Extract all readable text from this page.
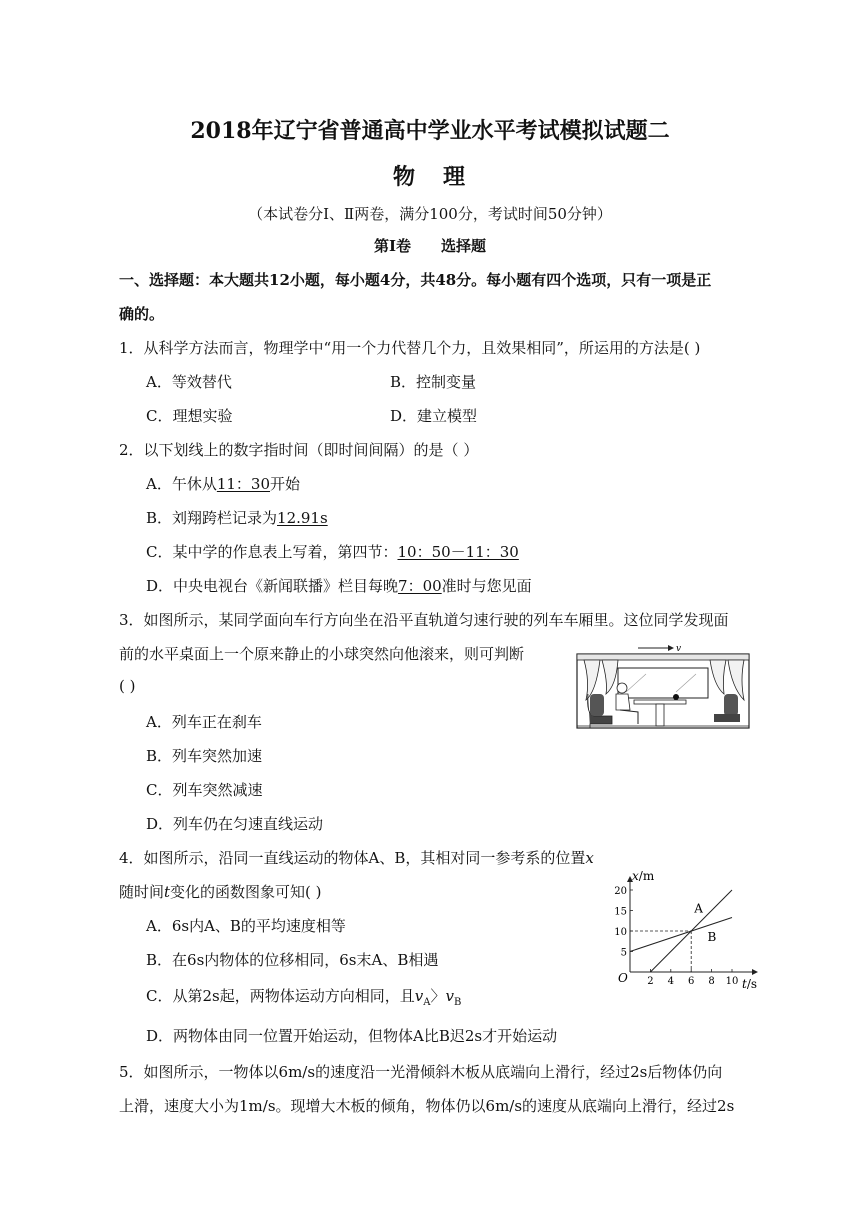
2018年辽宁省普通高中学业水平考试模拟试题二
物 理
（本试卷分Ⅰ、Ⅱ两卷，满分100分，考试时间50分钟）
第Ⅰ卷 选择题
一、选择题：本大题共12小题，每小题4分，共48分。每小题有四个选项，只有一项是正
确的。
1．从科学方法而言，物理学中“用一个力代替几个力，且效果相同”，所运用的方法是( )
A．等效替代	B．控制变量
C．理想实验	D．建立模型
2．以下划线上的数字指时间（即时间间隔）的是（ ）
A．午休从11：30开始
B．刘翔跨栏记录为12.91s
C．某中学的作息表上写着，第四节：10：50－11：30
D．中央电视台《新闻联播》栏目每晚7：00准时与您见面
3．如图所示，某同学面向车行方向坐在沿平直轨道匀速行驶的列车车厢里。这位同学发现面
前的水平桌面上一个原来静止的小球突然向他滚来，则可判断
( )
A．列车正在刹车
B．列车突然加速
C．列车突然减速
D．列车仍在匀速直线运动
v
4．如图所示，沿同一直线运动的物体A、B，其相对同一参考系的位置x
随时间t变化的函数图象可知( )
A．6s内A、B的平均速度相等
B．在6s内物体的位移相同，6s末A、B相遇
C．从第2s起，两物体运动方向相同，且$v_A$〉$v_B$
D．两物体由同一位置开始运动，但物体A比B迟2s才开始运动
2 4 6 8 10
5
10
15
20
A
B
x/m
t/s
O
5．如图所示，一物体以6m/s的速度沿一光滑倾斜木板从底端向上滑行，经过2s后物体仍向
上滑，速度大小为1m/s。现增大木板的倾角，物体仍以6m/s的速度从底端向上滑行，经过2s
